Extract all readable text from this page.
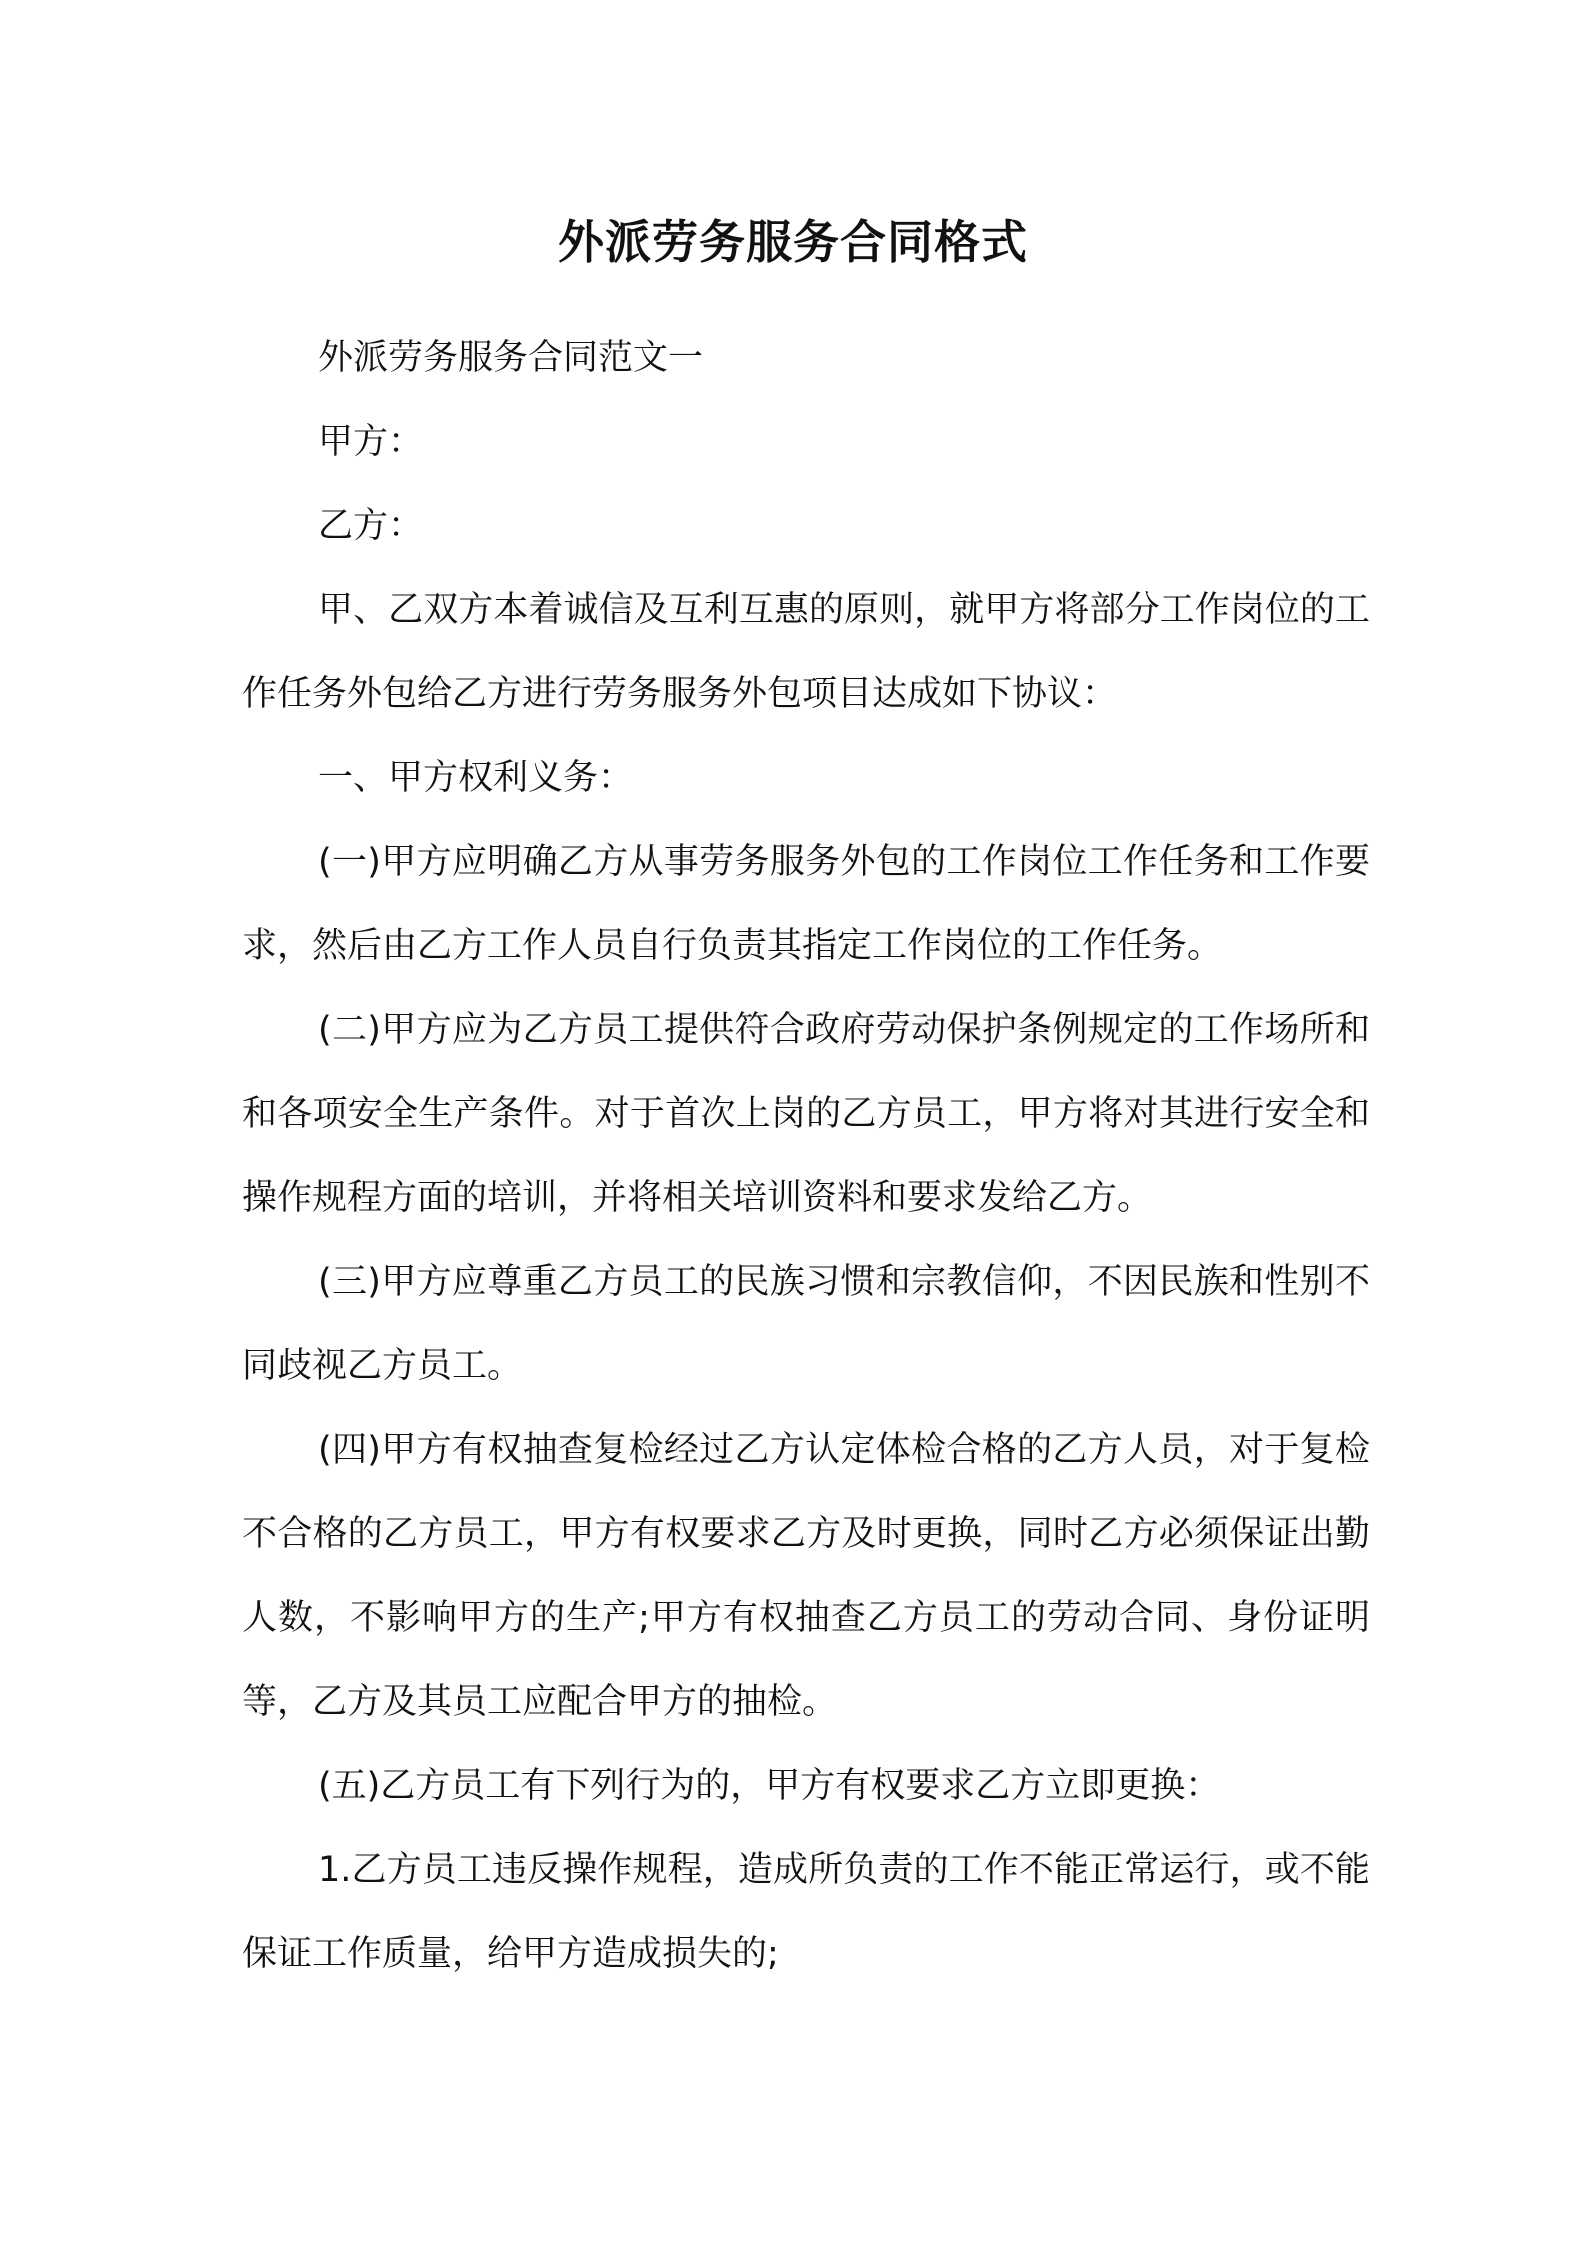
外派劳务服务合同格式

外派劳务服务合同范文一

甲方：

乙方：

甲、乙双方本着诚信及互利互惠的原则，就甲方将部分工作岗位的工作任务外包给乙方进行劳务服务外包项目达成如下协议：

一、甲方权利义务：

(一)甲方应明确乙方从事劳务服务外包的工作岗位工作任务和工作要求，然后由乙方工作人员自行负责其指定工作岗位的工作任务。

(二)甲方应为乙方员工提供符合政府劳动保护条例规定的工作场所和和各项安全生产条件。对于首次上岗的乙方员工，甲方将对其进行安全和操作规程方面的培训，并将相关培训资料和要求发给乙方。

(三)甲方应尊重乙方员工的民族习惯和宗教信仰，不因民族和性别不同歧视乙方员工。

(四)甲方有权抽查复检经过乙方认定体检合格的乙方人员，对于复检不合格的乙方员工，甲方有权要求乙方及时更换，同时乙方必须保证出勤人数，不影响甲方的生产;甲方有权抽查乙方员工的劳动合同、身份证明等，乙方及其员工应配合甲方的抽检。

(五)乙方员工有下列行为的，甲方有权要求乙方立即更换：

1.乙方员工违反操作规程，造成所负责的工作不能正常运行，或不能保证工作质量，给甲方造成损失的;
